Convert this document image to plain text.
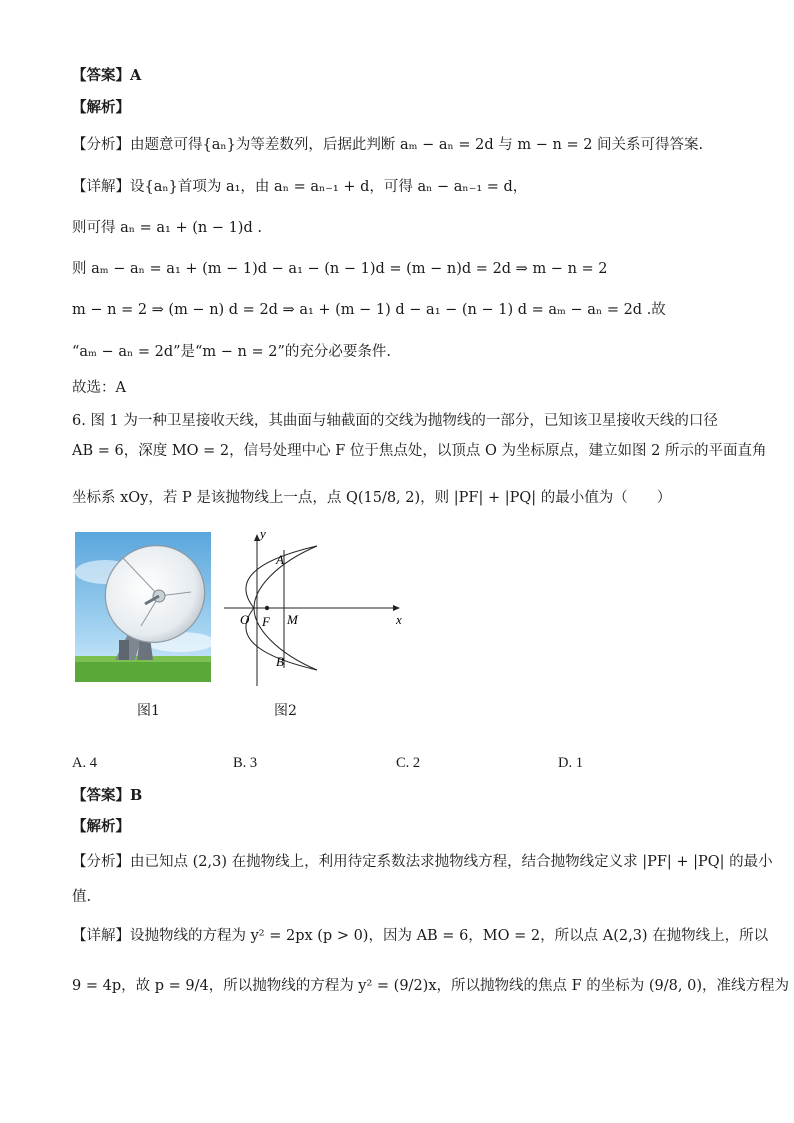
【答案】A
【解析】
【分析】由题意可得{aₙ}为等差数列，后据此判断 aₘ − aₙ = 2d 与 m − n = 2 间关系可得答案.
【详解】设{aₙ}首项为 a₁，由 aₙ = aₙ₋₁ + d，可得 aₙ − aₙ₋₁ = d，
则可得 aₙ = a₁ + (n − 1)d .
则 aₘ − aₙ = a₁ + (m − 1)d − a₁ − (n − 1)d = (m − n)d = 2d ⇒ m − n = 2
m − n = 2 ⇒ (m − n) d = 2d ⇒ a₁ + (m − 1) d − a₁ − (n − 1) d = aₘ − aₙ = 2d .故
“aₘ − aₙ = 2d”是“m − n = 2”的充分必要条件.
故选：A
6. 图 1 为一种卫星接收天线，其曲面与轴截面的交线为抛物线的一部分，已知该卫星接收天线的口径
AB = 6，深度 MO = 2，信号处理中心 F 位于焦点处，以顶点 O 为坐标原点，建立如图 2 所示的平面直角
坐标系 xOy，若 P 是该抛物线上一点，点 Q(15/8, 2)，则 |PF| + |PQ| 的最小值为（　　）
y
x
O F M
A
B
图1	图2
A. 4	B. 3	C. 2	D. 1
【答案】B
【解析】
【分析】由已知点 (2,3) 在抛物线上，利用待定系数法求抛物线方程，结合抛物线定义求 |PF| + |PQ| 的最小
值.
【详解】设抛物线的方程为 y² = 2px (p > 0)，因为 AB = 6，MO = 2，所以点 A(2,3) 在抛物线上，所以
9 = 4p，故 p = 9/4，所以抛物线的方程为 y² = (9/2)x，所以抛物线的焦点 F 的坐标为 (9/8, 0)，准线方程为
